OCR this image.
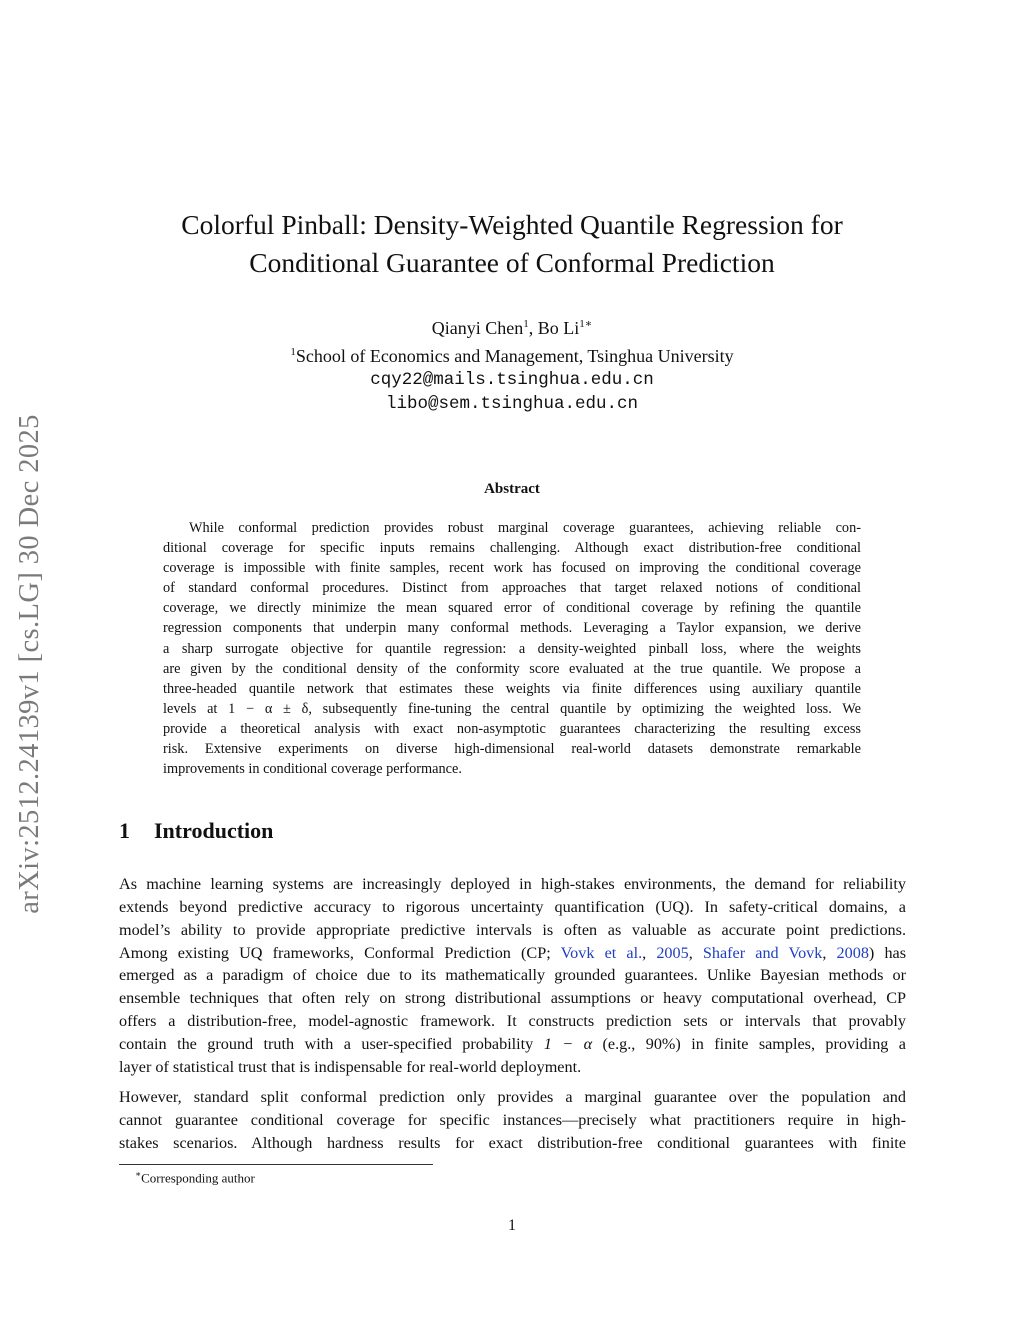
arXiv:2512.24139v1 [cs.LG] 30 Dec 2025
Colorful Pinball: Density-Weighted Quantile Regression for
Conditional Guarantee of Conformal Prediction
Qianyi Chen$^1$, Bo $Li^{1∗}$
$^1$School of Economics and Management, Tsinghua University
cqy22@mails.tsinghua.edu.cn
libo@sem.tsinghua.edu.cn
Abstract
While conformal prediction provides robust marginal coverage guarantees, achieving reliable con-
ditional coverage for specific inputs remains challenging. Although exact distribution-free conditional
coverage is impossible with finite samples, recent work has focused on improving the conditional coverage
of standard conformal procedures. Distinct from approaches that target relaxed notions of conditional
coverage, we directly minimize the mean squared error of conditional coverage by refining the quantile
regression components that underpin many conformal methods. Leveraging a Taylor expansion, we derive
a sharp surrogate objective for quantile regression: a density-weighted pinball loss, where the weights
are given by the conditional density of the conformity score evaluated at the true quantile. We propose a
three-headed quantile network that estimates these weights via finite differences using auxiliary quantile
levels at 1 − α ± δ, subsequently fine-tuning the central quantile by optimizing the weighted loss. We
provide a theoretical analysis with exact non-asymptotic guarantees characterizing the resulting excess
risk. Extensive experiments on diverse high-dimensional real-world datasets demonstrate remarkable
improvements in conditional coverage performance.
1 Introduction
As machine learning systems are increasingly deployed in high-stakes environments, the demand for reliability
extends beyond predictive accuracy to rigorous uncertainty quantification (UQ). In safety-critical domains, a
model’s ability to provide appropriate predictive intervals is often as valuable as accurate point predictions.
Among existing UQ frameworks, Conformal Prediction (CP; Vovk et al., 2005, Shafer and Vovk, 2008) has
emerged as a paradigm of choice due to its mathematically grounded guarantees. Unlike Bayesian methods or
ensemble techniques that often rely on strong distributional assumptions or heavy computational overhead, CP
offers a distribution-free, model-agnostic framework. It constructs prediction sets or intervals that provably
contain the ground truth with a user-specified probability 1 − α (e.g., 90%) in finite samples, providing a
layer of statistical trust that is indispensable for real-world deployment.
However, standard split conformal prediction only provides a marginal guarantee over the population and
cannot guarantee conditional coverage for specific instances—precisely what practitioners require in high-
stakes scenarios. Although hardness results for exact distribution-free conditional guarantees with finite
∗Corresponding author
1
